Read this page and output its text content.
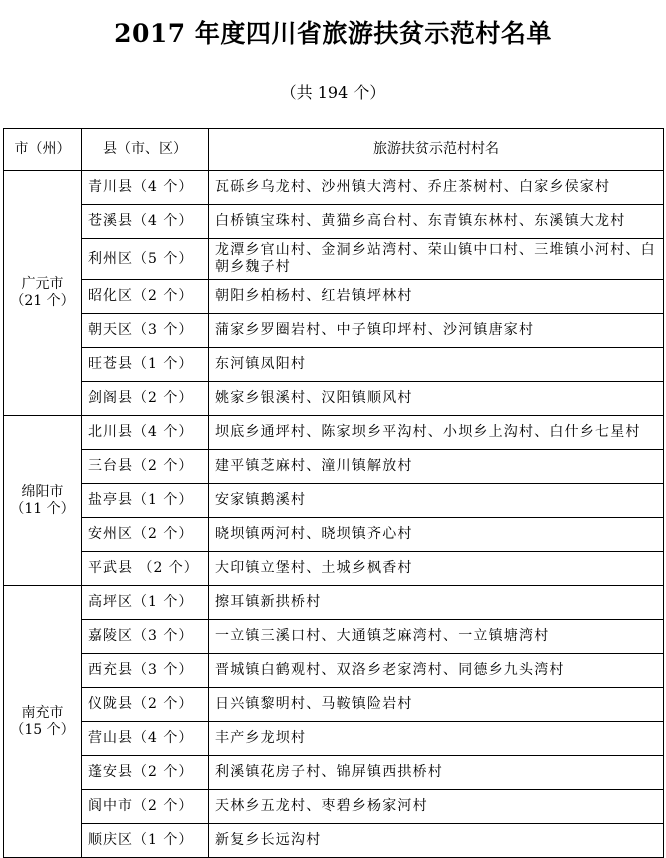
2017 年度四川省旅游扶贫示范村名单
（共 194 个）
市（州）	县（市、区）	旅游扶贫示范村村名

广元市
（21 个）	青川县（4 个）	瓦砾乡乌龙村、沙州镇大湾村、乔庄茶树村、白家乡侯家村
	苍溪县（4 个）	白桥镇宝珠村、黄猫乡高台村、东青镇东林村、东溪镇大龙村
	利州区（5 个）	龙潭乡官山村、金洞乡站湾村、荣山镇中口村、三堆镇小河村、白朝乡魏子村
	昭化区（2 个）	朝阳乡柏杨村、红岩镇坪林村
	朝天区（3 个）	蒲家乡罗圈岩村、中子镇印坪村、沙河镇唐家村
	旺苍县（1 个）	东河镇凤阳村
	剑阁县（2 个）	姚家乡银溪村、汉阳镇顺风村

绵阳市
（11 个）	北川县（4 个）	坝底乡通坪村、陈家坝乡平沟村、小坝乡上沟村、白什乡七星村
	三台县（2 个）	建平镇芝麻村、潼川镇解放村
	盐亭县（1 个）	安家镇鹅溪村
	安州区（2 个）	晓坝镇两河村、晓坝镇齐心村
	平武县 （2 个）	大印镇立堡村、土城乡枫香村

南充市
（15 个）	高坪区（1 个）	擦耳镇新拱桥村
	嘉陵区（3 个）	一立镇三溪口村、大通镇芝麻湾村、一立镇塘湾村
	西充县（3 个）	晋城镇白鹤观村、双洛乡老家湾村、同德乡九头湾村
	仪陇县（2 个）	日兴镇黎明村、马鞍镇险岩村
	营山县（4 个）	丰产乡龙坝村
	蓬安县（2 个）	利溪镇花房子村、锦屏镇西拱桥村
	阆中市（2 个）	天林乡五龙村、枣碧乡杨家河村
	顺庆区（1 个）	新复乡长远沟村
